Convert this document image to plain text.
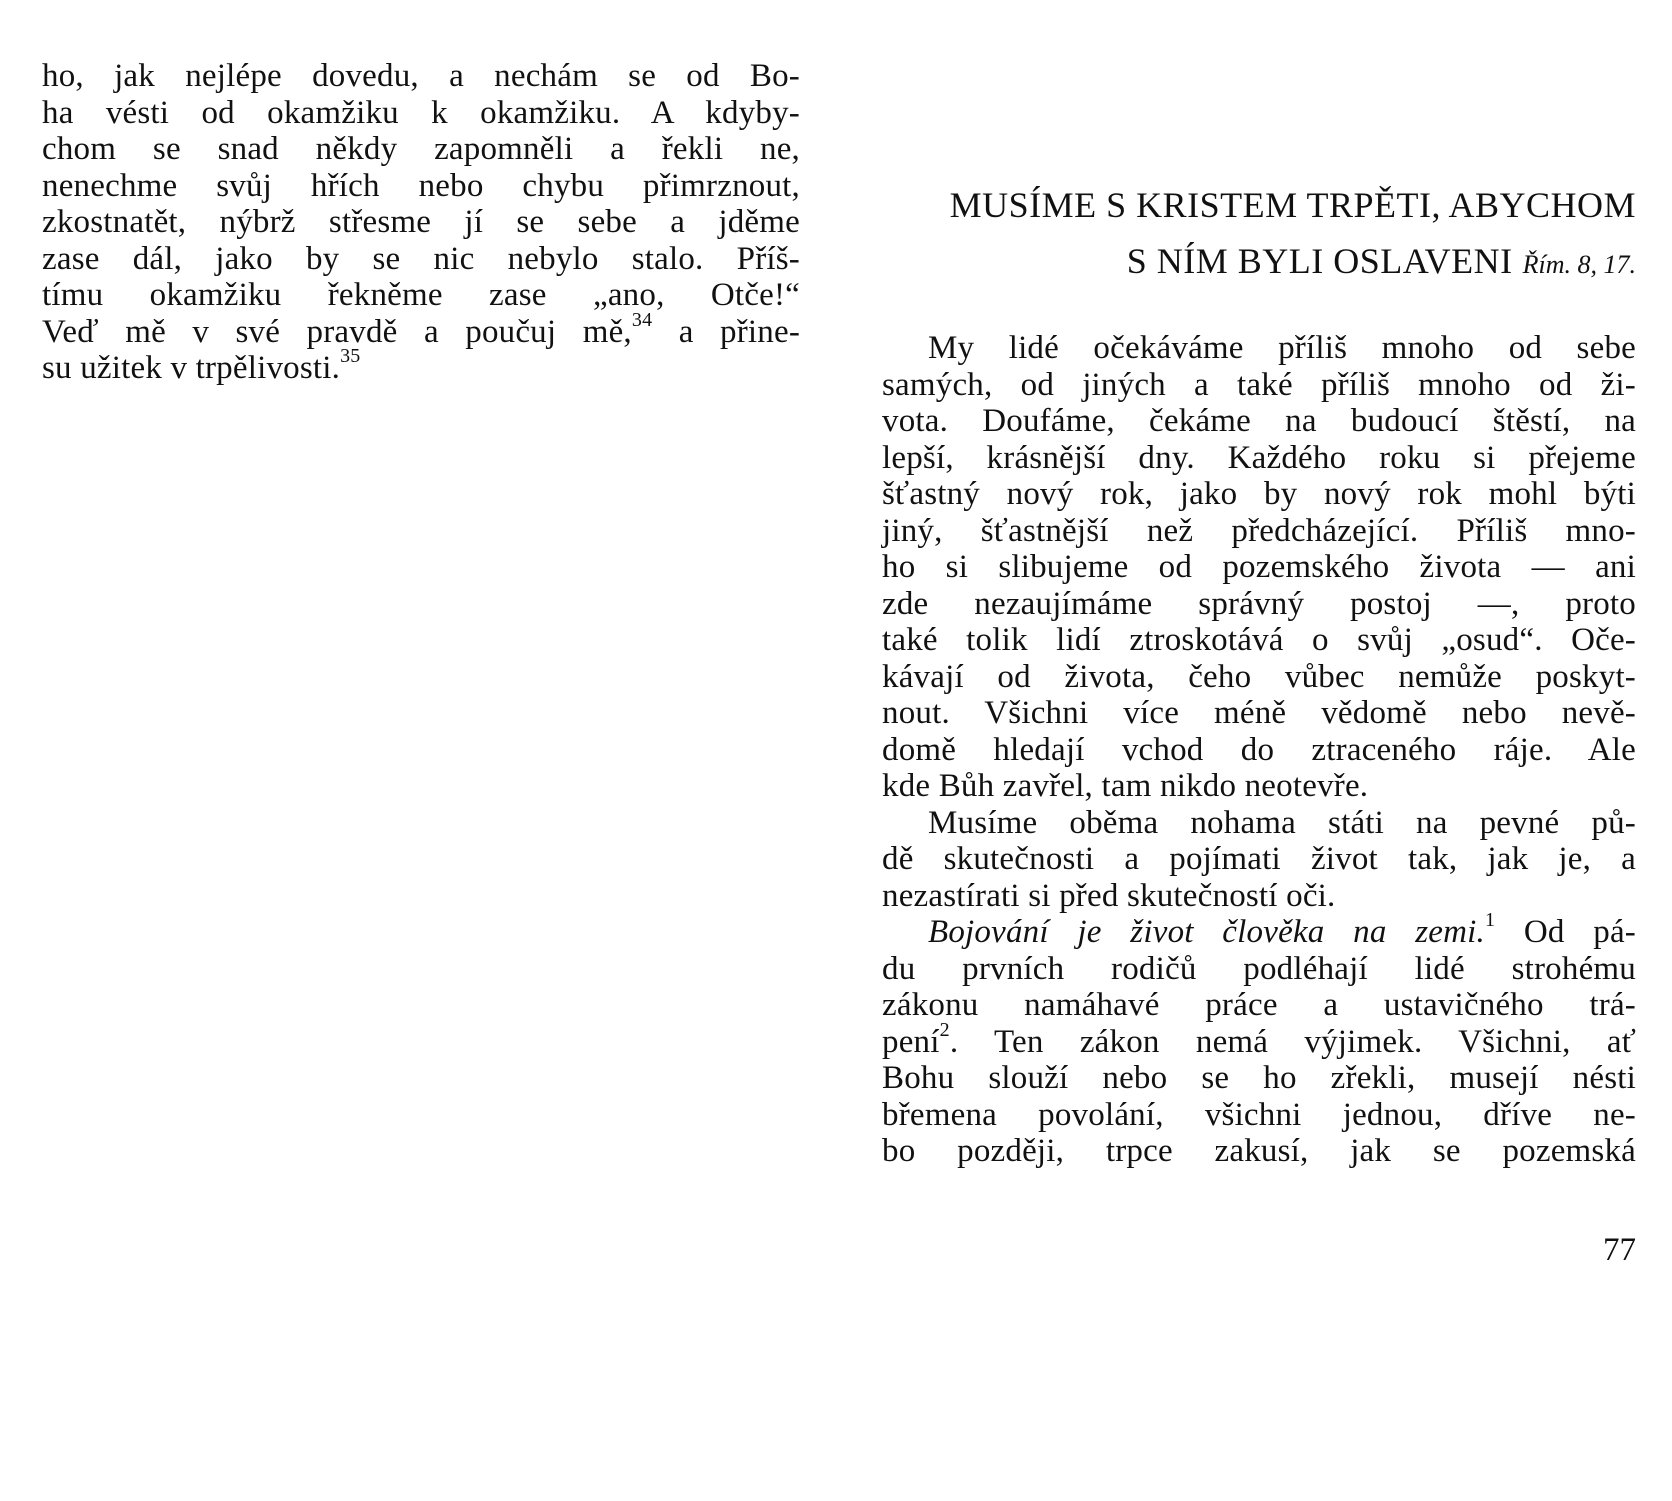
ho, jak nejlépe dovedu, a nechám se od Bo-
ha vésti od okamžiku k okamžiku. A kdyby-
chom se snad někdy zapomněli a řekli ne,
nenechme svůj hřích nebo chybu přimrznout,
zkostnatět, nýbrž střesme jí se sebe a jděme
zase dál, jako by se nic nebylo stalo. Příš-
tímu okamžiku řekněme zase „ano, Otče!“
Veď mě v své pravdě a poučuj mě,$^{34}$ a přine-
su užitek v trpělivosti.$^{35}$
MUSÍME S KRISTEM TRPĚTI, ABYCHOM
S NÍM BYLI OSLAVENI Řím. 8, 17.
My lidé očekáváme příliš mnoho od sebe
samých, od jiných a také příliš mnoho od ži-
vota. Doufáme, čekáme na budoucí štěstí, na
lepší, krásnější dny. Každého roku si přejeme
šťastný nový rok, jako by nový rok mohl býti
jiný, šťastnější než předcházející. Příliš mno-
ho si slibujeme od pozemského života — ani
zde nezaujímáme správný postoj —, proto
také tolik lidí ztroskotává o svůj „osud“. Oče-
kávají od života, čeho vůbec nemůže poskyt-
nout. Všichni více méně vědomě nebo nevě-
domě hledají vchod do ztraceného ráje. Ale
kde Bůh zavřel, tam nikdo neotevře.
Musíme oběma nohama státi na pevné pů-
dě skutečnosti a pojímati život tak, jak je, a
nezastírati si před skutečností oči.
Bojování je život člověka na zemi.$^1$ Od pá-
du prvních rodičů podléhají lidé strohému
zákonu namáhavé práce a ustavičného trá-
pení$^2$. Ten zákon nemá výjimek. Všichni, ať
Bohu slouží nebo se ho zřekli, musejí nésti
břemena povolání, všichni jednou, dříve ne-
77
bo později, trpce zakusí, jak se pozemská
